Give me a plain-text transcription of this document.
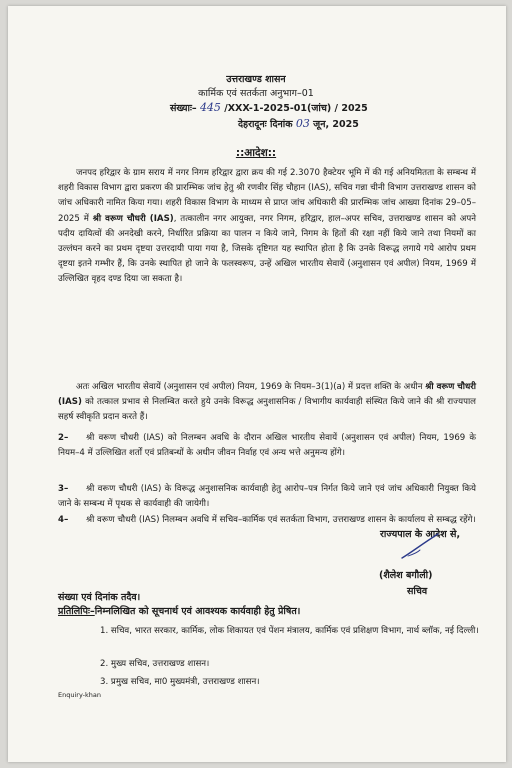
उत्तराखण्ड शासन
कार्मिक एवं सतर्कता अनुभाग–01
संख्याः– 445 /XXX-1-2025-01(जांच) / 2025
देहरादूनः दिनांक 03 जून, 2025
::आदेश::
जनपद हरिद्वार के ग्राम सराय में नगर निगम हरिद्वार द्वारा क्रय की गई 2.3070 हैक्टेयर भूमि में की गई अनियमितता के सम्बन्ध में शहरी विकास विभाग द्वारा प्रकरण की प्रारम्भिक जांच हेतु श्री रणवीर सिंह चौहान (IAS), सचिव गन्ना चीनी विभाग उत्तराखण्ड शासन को जांच अधिकारी नामित किया गया। शहरी विकास विभाग के माध्यम से प्राप्त जांच अधिकारी की प्रारम्भिक जांच आख्या दिनांक 29–05–2025 में श्री वरूण चौधरी (IAS), तत्कालीन नगर आयुक्त, नगर निगम, हरिद्वार, हाल–अपर सचिव, उत्तराखण्ड शासन को अपने पदीय दायित्वों की अनदेखी करने, निर्धारित प्रक्रिया का पालन न किये जाने, निगम के हितों की रक्षा नहीं किये जाने तथा नियमों का उल्लंघन करने का प्रथम दृष्टया उत्तरदायी पाया गया है, जिसके दृष्टिगत यह स्थापित होता है कि उनके विरूद्ध लगाये गये आरोप प्रथम दृष्टया इतने गम्भीर हैं, कि उनके स्थापित हो जाने के फलस्वरूप, उन्हें अखिल भारतीय सेवायें (अनुशासन एवं अपील) नियम, 1969 में उल्लिखित वृहद दण्ड दिया जा सकता है।
अतः अखिल भारतीय सेवायें (अनुशासन एवं अपील) नियम, 1969 के नियम–3(1)(a) में प्रदत्त शक्ति के अधीन श्री वरूण चौधरी (IAS) को तत्काल प्रभाव से निलम्बित करते हुये उनके विरूद्ध अनुशासनिक / विभागीय कार्यवाही संस्थित किये जाने की श्री राज्यपाल सहर्ष स्वीकृति प्रदान करते हैं।
2– श्री वरूण चौधरी (IAS) को निलम्बन अवधि के दौरान अखिल भारतीय सेवायें (अनुशासन एवं अपील) नियम, 1969 के नियम–4 में उल्लिखित शर्तों एवं प्रतिबन्धों के अधीन जीवन निर्वाह एवं अन्य भत्ते अनुमन्य होंगे।
3– श्री वरूण चौधरी (IAS) के विरूद्ध अनुशासनिक कार्यवाही हेतु आरोप–पत्र निर्गत किये जाने एवं जांच अधिकारी नियुक्त किये जाने के सम्बन्ध में पृथक से कार्यवाही की जायेगी।
4– श्री वरूण चौधरी (IAS) निलम्बन अवधि में सचिव–कार्मिक एवं सतर्कता विभाग, उत्तराखण्ड शासन के कार्यालय से सम्बद्ध रहेंगे।
राज्यपाल के आदेश से,
(शैलेश बगौली)
सचिव
संख्या एवं दिनांक तदैव।
प्रतिलिपिः–निम्नलिखित को सूचनार्थ एवं आवश्यक कार्यवाही हेतु प्रेषित।
1. सचिव, भारत सरकार, कार्मिक, लोक शिकायत एवं पेंशन मंत्रालय, कार्मिक एवं प्रशिक्षण विभाग, नार्थ ब्लॉक, नई दिल्ली।
2. मुख्य सचिव, उत्तराखण्ड शासन।
3. प्रमुख सचिव, मा0 मुख्यमंत्री, उत्तराखण्ड शासन।
Enquiry-khan
